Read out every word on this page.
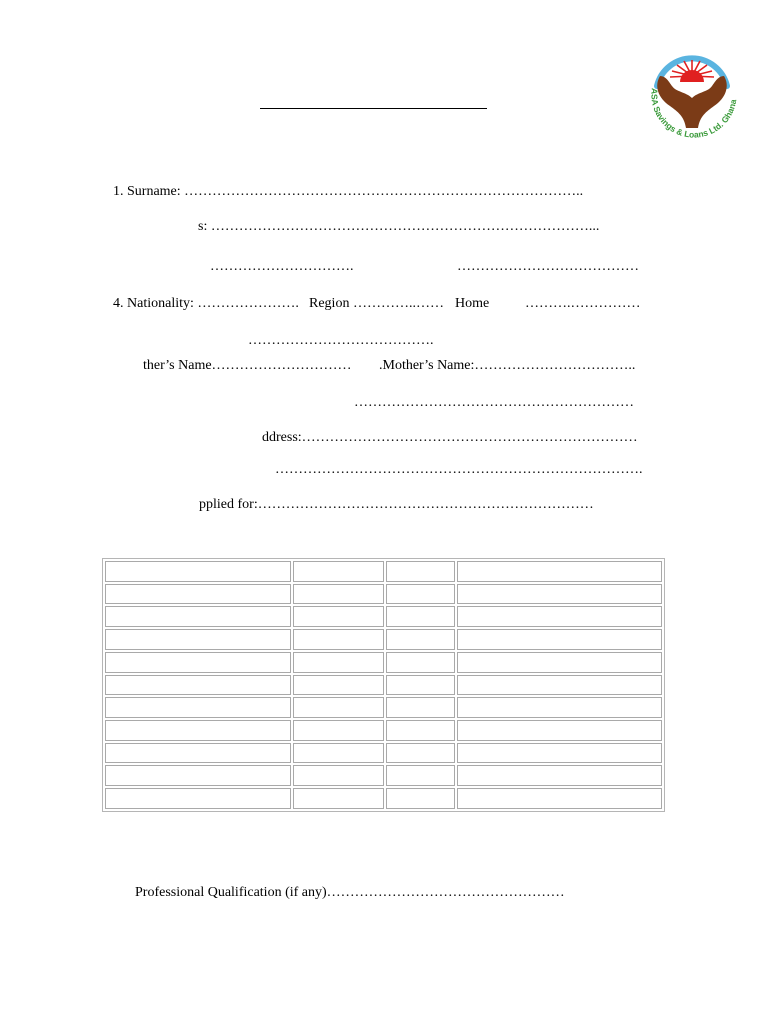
ASA Savings & Loans Ltd. Ghana
1. Surname: …………………………………………………………………………..
s: ………………………………………………………………………...
………………………….	…………………………………
4. Nationality: …………………. Region …………..…… Home	……….……………
………………………………….
ther’s Name………………………… .Mother’s Name:……………………………..
……………………………………………………
ddress:………………………………………………………………
…………………………………………………………………….
pplied for:………………………………………………………………

Professional Qualification (if any)……………………………………………
